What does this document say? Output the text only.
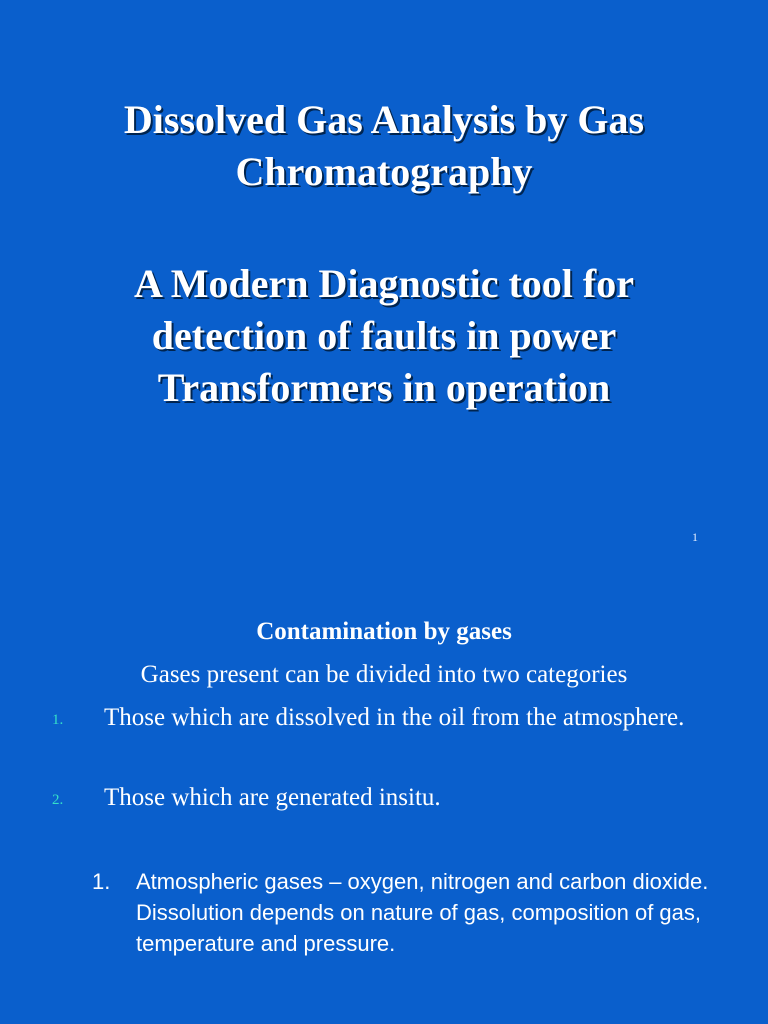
Dissolved Gas Analysis by Gas
Chromatography
A Modern Diagnostic tool for
detection of faults in power
Transformers in operation
1
Contamination by gases
Gases present can be divided into two categories
1. Those which are dissolved in the oil from the atmosphere.
2. Those which are generated insitu.
1. Atmospheric gases – oxygen, nitrogen and carbon dioxide.
Dissolution depends on nature of gas, composition of gas, temperature and pressure.
